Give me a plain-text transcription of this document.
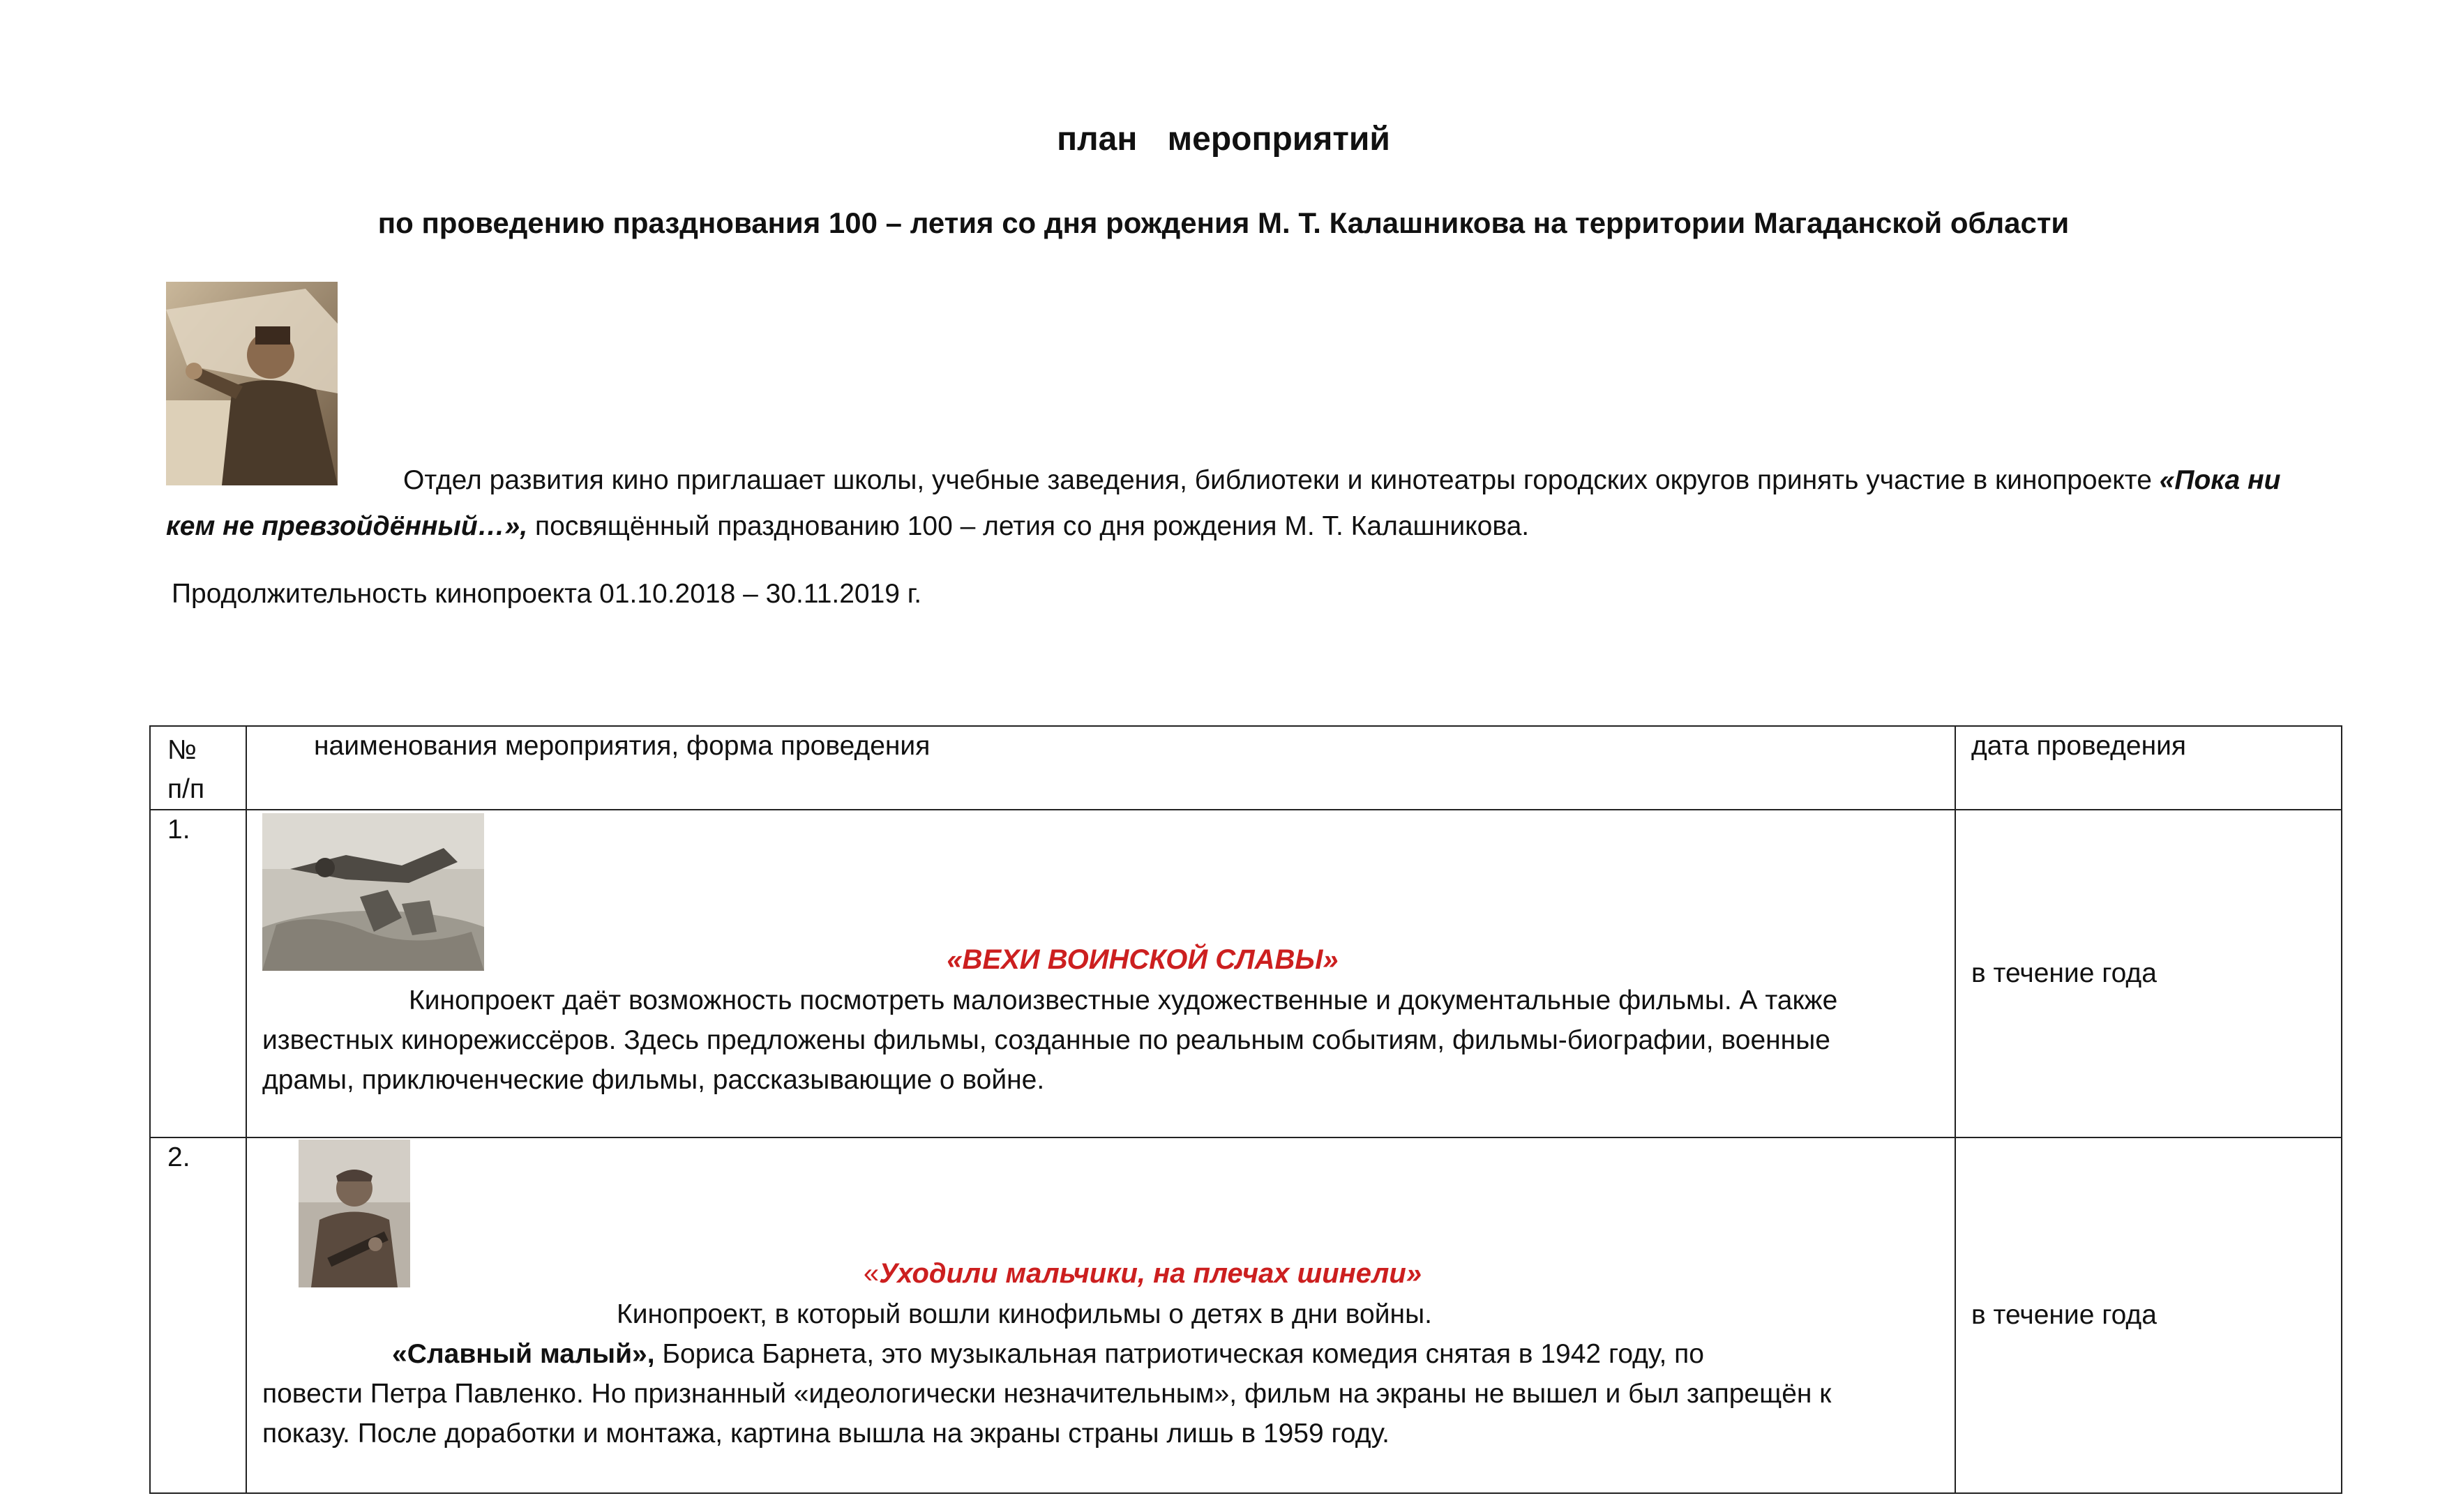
план мероприятий
по проведению празднования 100 – летия со дня рождения М. Т. Калашникова на территории Магаданской области
Отдел развития кино приглашает школы, учебные заведения, библиотеки и кинотеатры городских округов принять участие в кинопроекте «Пока ни кем не превзойдённый…», посвящённый празднованию 100 – летия со дня рождения М. Т. Калашникова.
Продолжительность кинопроекта 01.10.2018 – 30.11.2019 г.
№
п/п	наименования мероприятия, форма проведения	дата проведения
1.	«ВЕХИ ВОИНСКОЙ СЛАВЫ»
Кинопроект даёт возможность посмотреть малоизвестные художественные и документальные фильмы. А также
известных кинорежиссёров. Здесь предложены фильмы, созданные по реальным событиям, фильмы-биографии, военные
драмы, приключенческие фильмы, рассказывающие о войне.	в течение года
2.	«Уходили мальчики, на плечах шинели»
Кинопроект, в который вошли кинофильмы о детях в дни войны.
«Славный малый», Бориса Барнета, это музыкальная патриотическая комедия снятая в 1942 году, по
повести Петра Павленко. Но признанный «идеологически незначительным», фильм на экраны не вышел и был запрещён к
показу. После доработки и монтажа, картина вышла на экраны страны лишь в 1959 году.	в течение года
